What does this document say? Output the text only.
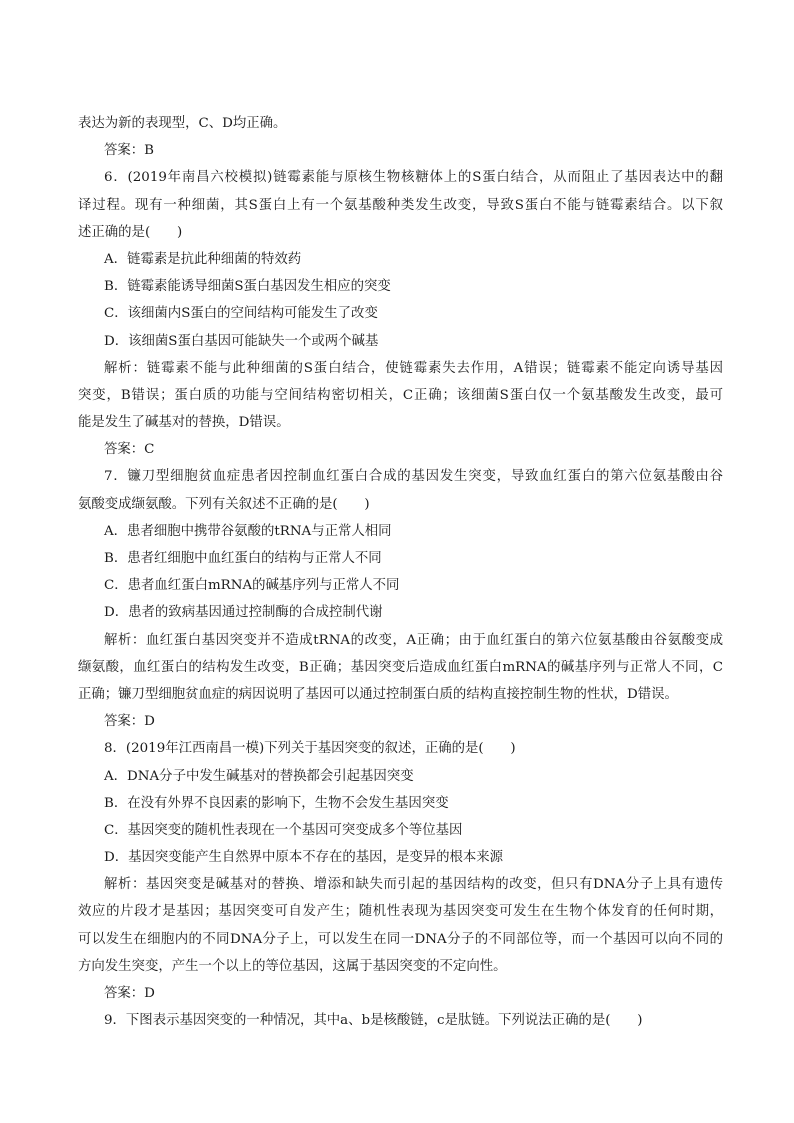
表达为新的表现型，C、D均正确。
答案：B
6．(2019年南昌六校模拟)链霉素能与原核生物核糖体上的S蛋白结合，从而阻止了基因表达中的翻
译过程。现有一种细菌，其S蛋白上有一个氨基酸种类发生改变，导致S蛋白不能与链霉素结合。以下叙
述正确的是(　　)
A．链霉素是抗此种细菌的特效药
B．链霉素能诱导细菌S蛋白基因发生相应的突变
C．该细菌内S蛋白的空间结构可能发生了改变
D．该细菌S蛋白基因可能缺失一个或两个碱基
解析：链霉素不能与此种细菌的S蛋白结合，使链霉素失去作用，A错误；链霉素不能定向诱导基因
突变，B错误；蛋白质的功能与空间结构密切相关，C正确；该细菌S蛋白仅一个氨基酸发生改变，最可
能是发生了碱基对的替换，D错误。
答案：C
7．镰刀型细胞贫血症患者因控制血红蛋白合成的基因发生突变，导致血红蛋白的第六位氨基酸由谷
氨酸变成缬氨酸。下列有关叙述不正确的是(　　)
A．患者细胞中携带谷氨酸的tRNA与正常人相同
B．患者红细胞中血红蛋白的结构与正常人不同
C．患者血红蛋白mRNA的碱基序列与正常人不同
D．患者的致病基因通过控制酶的合成控制代谢
解析：血红蛋白基因突变并不造成tRNA的改变，A正确；由于血红蛋白的第六位氨基酸由谷氨酸变成
缬氨酸，血红蛋白的结构发生改变，B正确；基因突变后造成血红蛋白mRNA的碱基序列与正常人不同，C
正确；镰刀型细胞贫血症的病因说明了基因可以通过控制蛋白质的结构直接控制生物的性状，D错误。
答案：D
8．(2019年江西南昌一模)下列关于基因突变的叙述，正确的是(　　)
A．DNA分子中发生碱基对的替换都会引起基因突变
B．在没有外界不良因素的影响下，生物不会发生基因突变
C．基因突变的随机性表现在一个基因可突变成多个等位基因
D．基因突变能产生自然界中原本不存在的基因，是变异的根本来源
解析：基因突变是碱基对的替换、增添和缺失而引起的基因结构的改变，但只有DNA分子上具有遗传
效应的片段才是基因；基因突变可自发产生；随机性表现为基因突变可发生在生物个体发育的任何时期，
可以发生在细胞内的不同DNA分子上，可以发生在同一DNA分子的不同部位等，而一个基因可以向不同的
方向发生突变，产生一个以上的等位基因，这属于基因突变的不定向性。
答案：D
9．下图表示基因突变的一种情况，其中a、b是核酸链，c是肽链。下列说法正确的是(　　)
